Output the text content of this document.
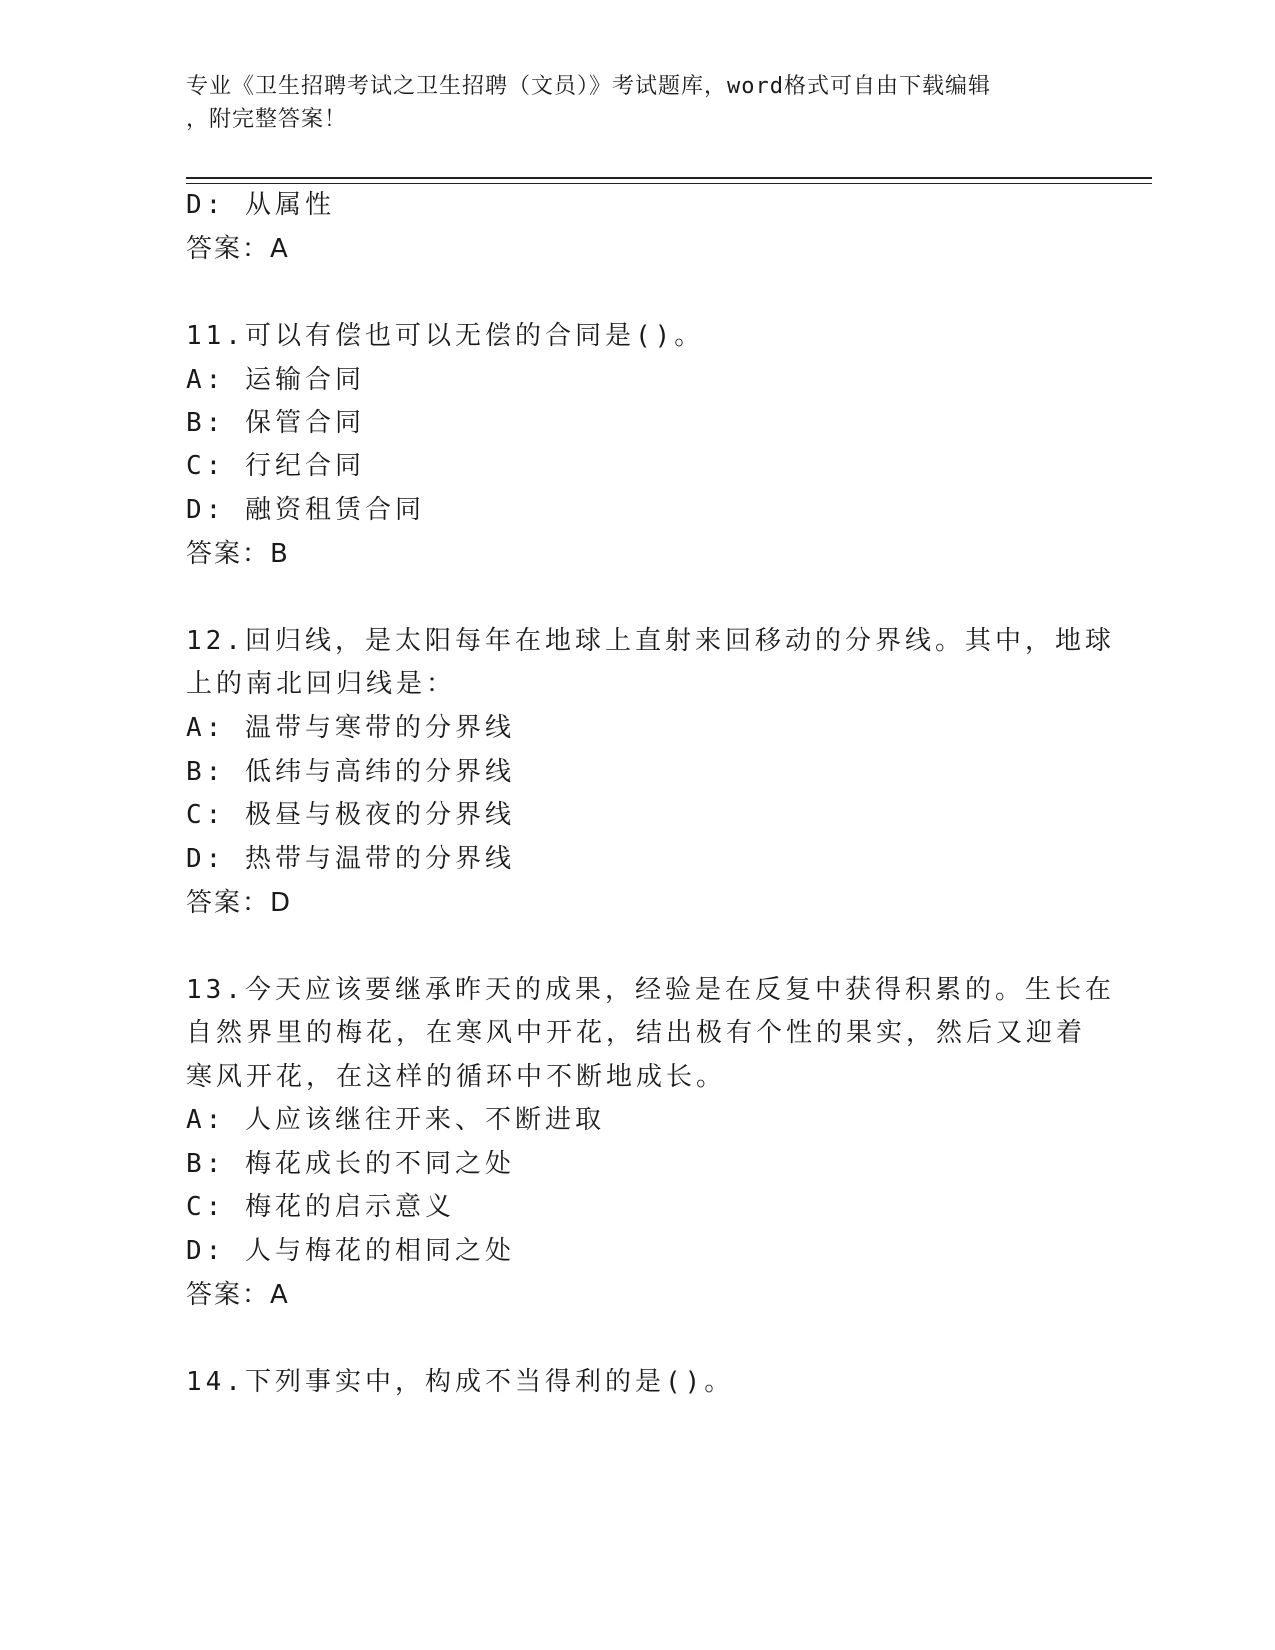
专业《卫生招聘考试之卫生招聘（文员）》考试题库，word格式可自由下载编辑
，附完整答案！
D: 从属性
答案：A
11.可以有偿也可以无偿的合同是()。
A: 运输合同
B: 保管合同
C: 行纪合同
D: 融资租赁合同
答案：B
12.回归线，是太阳每年在地球上直射来回移动的分界线。其中，地球
上的南北回归线是：
A: 温带与寒带的分界线
B: 低纬与高纬的分界线
C: 极昼与极夜的分界线
D: 热带与温带的分界线
答案：D
13.今天应该要继承昨天的成果，经验是在反复中获得积累的。生长在
自然界里的梅花，在寒风中开花，结出极有个性的果实，然后又迎着
寒风开花，在这样的循环中不断地成长。
A: 人应该继往开来、不断进取
B: 梅花成长的不同之处
C: 梅花的启示意义
D: 人与梅花的相同之处
答案：A
14.下列事实中，构成不当得利的是()。
